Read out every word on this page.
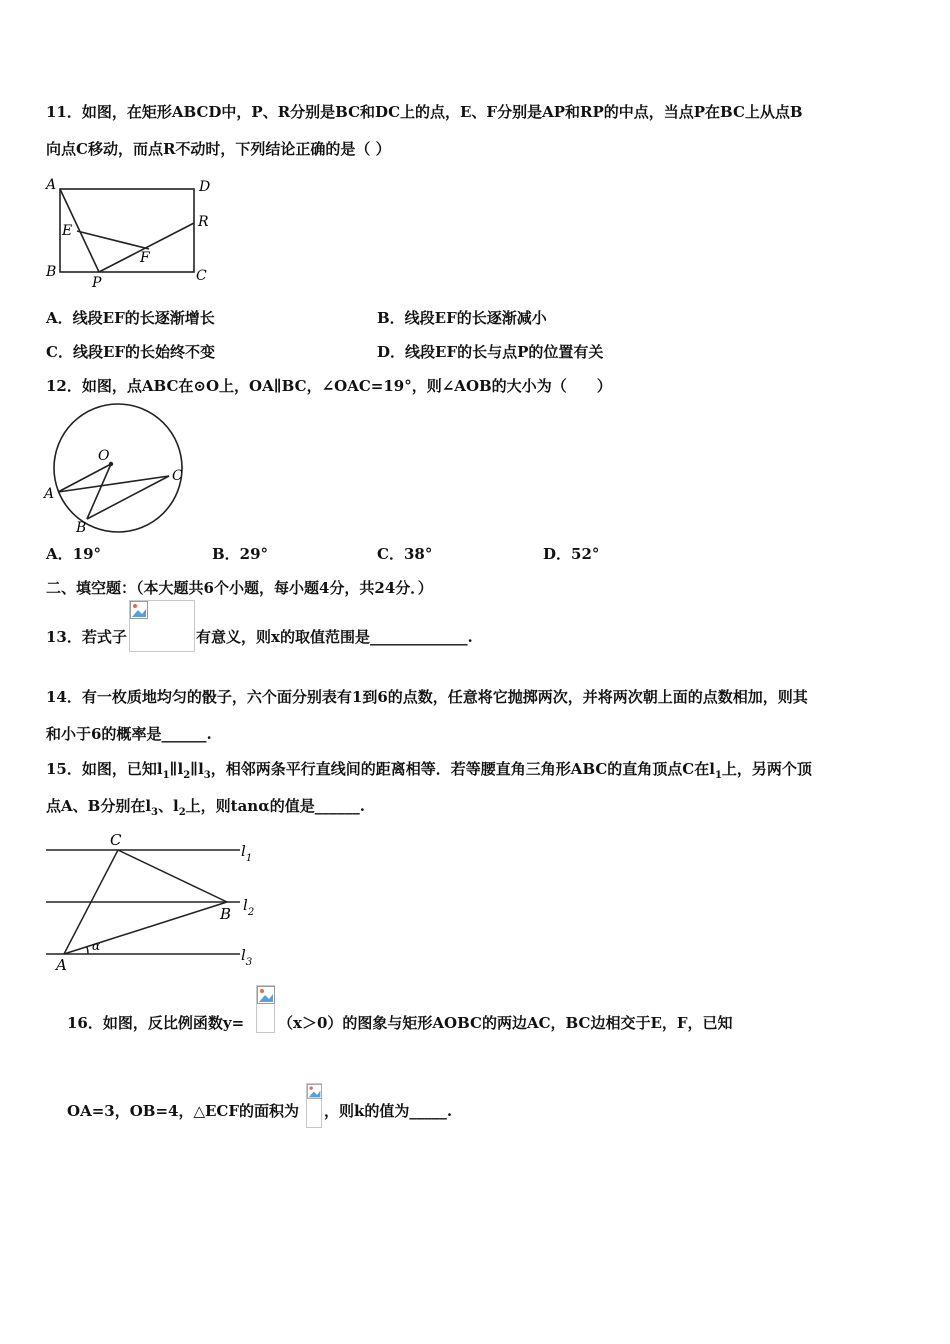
11．如图，在矩形ABCD中，P、R分别是BC和DC上的点，E、F分别是AP和RP的中点，当点P在BC上从点B
向点C移动，而点R不动时，下列结论正确的是（ ）
A	D
B	C
E
F
P
R
A．线段EF的长逐渐增长	B．线段EF的长逐渐减小
C．线段EF的长始终不变	D．线段EF的长与点P的位置有关
12．如图，点ABC在⊙O上，OA∥BC，∠OAC=19°，则∠AOB的大小为（　　）
O
A
B
C
A．19°	B．29°	C．38°	D．52°
二、填空题：（本大题共6个小题，每小题4分，共24分．）
13．若式子	有意义，则x的取值范围是_____________.
14．有一枚质地均匀的骰子，六个面分别表有1到6的点数，任意将它抛掷两次，并将两次朝上面的点数相加，则其
和小于6的概率是______.
15．如图，已知$l_1\parallel l_2\parallel l_3$，相邻两条平行直线间的距离相等．若等腰直角三角形ABC的直角顶点C在$l_1$上，另两个顶
点A、B分别在$l_3$、$l_2$上，则tanα的值是______.
C
B
A
α
$l_1$
$l_2$
$l_3$
16．如图，反比例函数y= （x＞0）的图象与矩形AOBC的两边AC，BC边相交于E，F，已知
OA=3，OB=4，△ECF的面积为 ，则k的值为_____.
